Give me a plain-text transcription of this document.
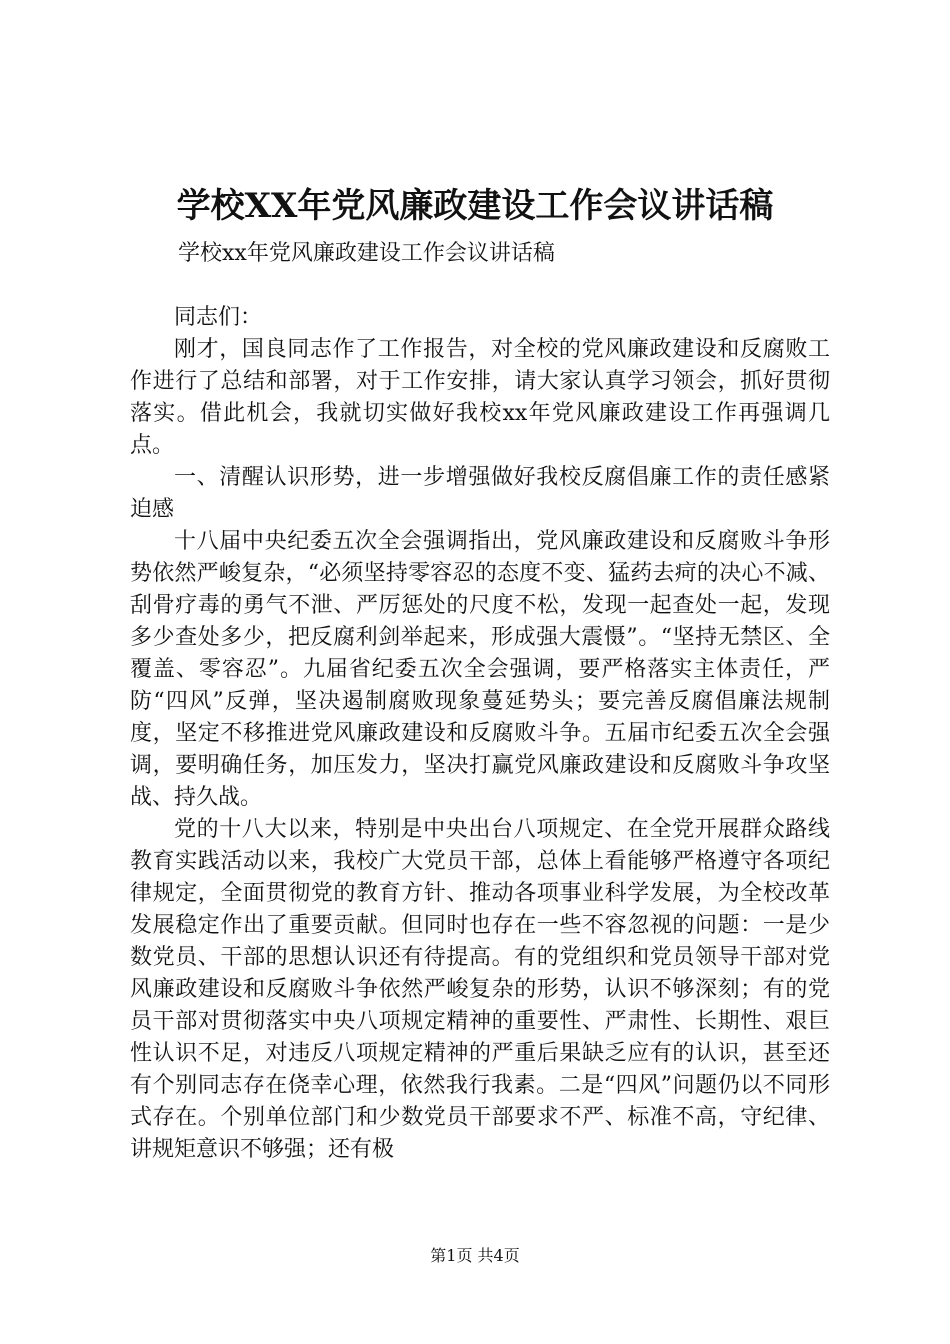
学校XX年党风廉政建设工作会议讲话稿
学校xx年党风廉政建设工作会议讲话稿

同志们：

刚才，国良同志作了工作报告，对全校的党风廉政建设和反腐败工作进行了总结和部署，对于工作安排，请大家认真学习领会，抓好贯彻落实。借此机会，我就切实做好我校xx年党风廉政建设工作再强调几点。

一、清醒认识形势，进一步增强做好我校反腐倡廉工作的责任感紧迫感

十八届中央纪委五次全会强调指出，党风廉政建设和反腐败斗争形势依然严峻复杂，“必须坚持零容忍的态度不变、猛药去疴的决心不减、刮骨疗毒的勇气不泄、严厉惩处的尺度不松，发现一起查处一起，发现多少查处多少，把反腐利剑举起来，形成强大震慑”。“坚持无禁区、全覆盖、零容忍”。九届省纪委五次全会强调，要严格落实主体责任，严防“四风”反弹，坚决遏制腐败现象蔓延势头；要完善反腐倡廉法规制度，坚定不移推进党风廉政建设和反腐败斗争。五届市纪委五次全会强调，要明确任务，加压发力，坚决打赢党风廉政建设和反腐败斗争攻坚战、持久战。

党的十八大以来，特别是中央出台八项规定、在全党开展群众路线教育实践活动以来，我校广大党员干部，总体上看能够严格遵守各项纪律规定，全面贯彻党的教育方针、推动各项事业科学发展，为全校改革发展稳定作出了重要贡献。但同时也存在一些不容忽视的问题：一是少数党员、干部的思想认识还有待提高。有的党组织和党员领导干部对党风廉政建设和反腐败斗争依然严峻复杂的形势，认识不够深刻；有的党员干部对贯彻落实中央八项规定精神的重要性、严肃性、长期性、艰巨性认识不足，对违反八项规定精神的严重后果缺乏应有的认识，甚至还有个别同志存在侥幸心理，依然我行我素。二是“四风”问题仍以不同形式存在。个别单位部门和少数党员干部要求不严、标准不高，守纪律、讲规矩意识不够强；还有极

第1页 共4页
